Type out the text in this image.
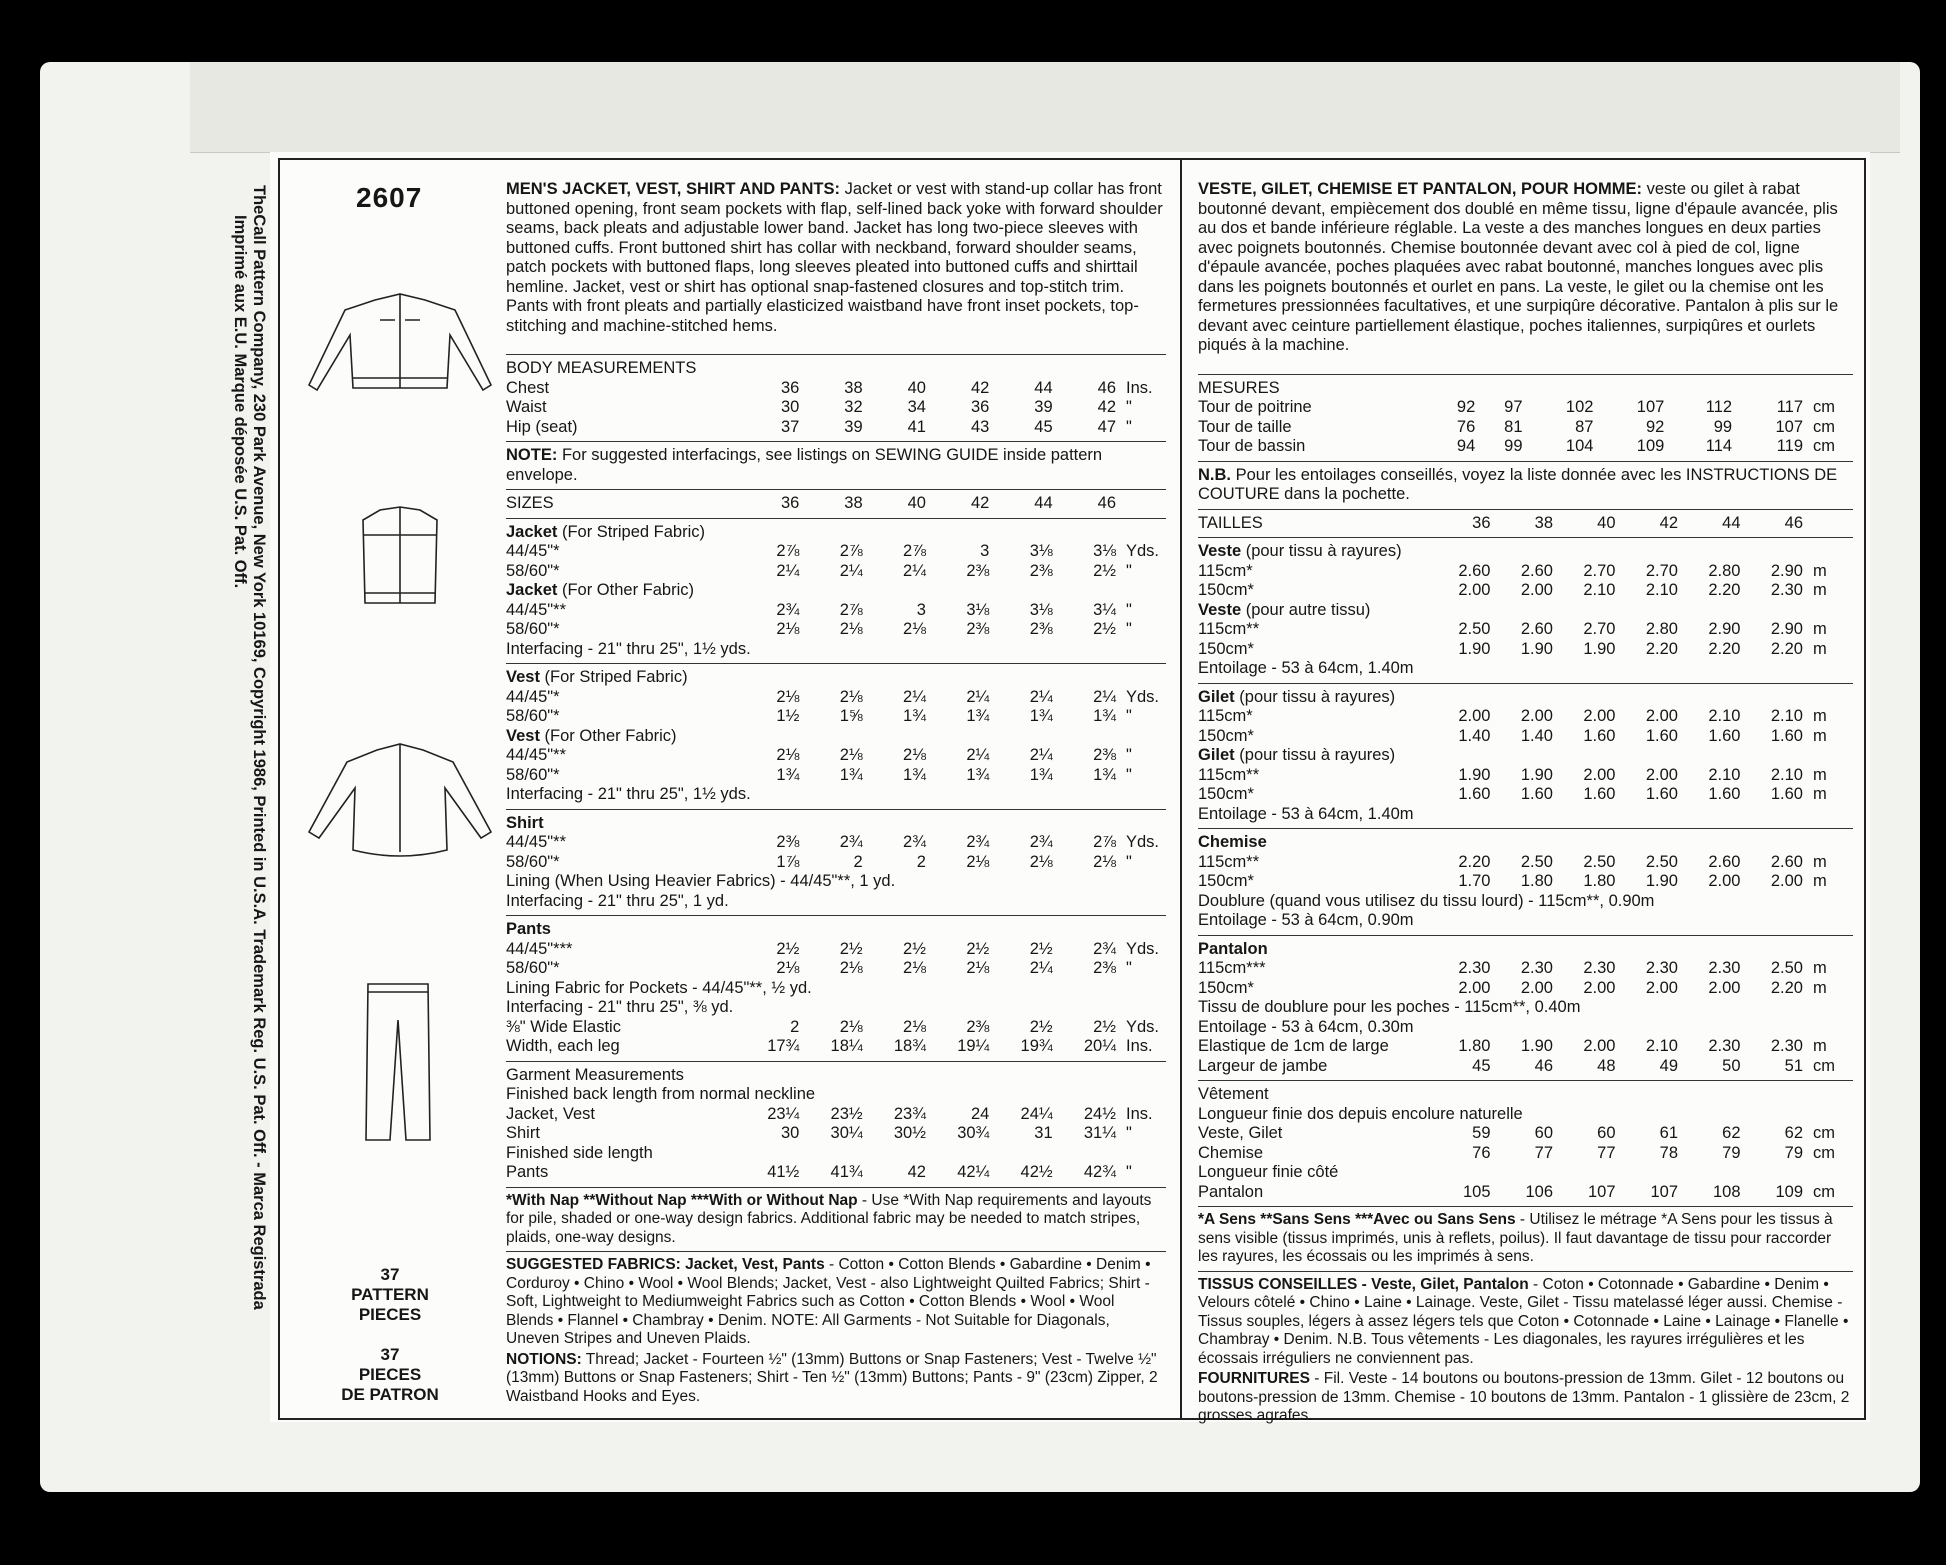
TheCall Pattern Company, 230 Park Avenue, New York 10169, Copyright 1986, Printed in U.S.A. Trademark Reg. U.S. Pat. Off. - Marca Registrada
Imprimé aux E.U. Marque déposée U.S. Pat. Off.
2607
37
PATTERN
PIECES
37
PIECES
DE PATRON

MEN'S JACKET, VEST, SHIRT AND PANTS: Jacket or vest with stand-up collar has front buttoned opening, front seam pockets with flap, self-lined back yoke with forward shoulder seams, back pleats and adjustable lower band. Jacket has long two-piece sleeves with buttoned cuffs. Front buttoned shirt has collar with neckband, forward shoulder seams, patch pockets with buttoned flaps, long sleeves pleated into buttoned cuffs and shirttail hemline. Jacket, vest or shirt has optional snap-fastened closures and top-stitch trim. Pants with front pleats and partially elasticized waistband have front inset pockets, top-stitching and machine-stitched hems.

BODY MEASUREMENTS
Chest	36	38	40	42	44	46	Ins.
Waist	30	32	34	36	39	42	"
Hip (seat)	37	39	41	43	45	47	"
NOTE: For suggested interfacings, see listings on SEWING GUIDE inside pattern envelope.
SIZES	36	38	40	42	44	46	
Jacket (For Striped Fabric)							
44/45"*	2⅞	2⅞	2⅞	3	3⅛	3⅛	Yds.
58/60"*	2¼	2¼	2¼	2⅜	2⅜	2½	"
Jacket (For Other Fabric)							
44/45"**	2¾	2⅞	3	3⅛	3⅛	3¼	"
58/60"*	2⅛	2⅛	2⅛	2⅜	2⅜	2½	"
Interfacing - 21" thru 25", 1½ yds.							
Vest (For Striped Fabric)							
44/45"*	2⅛	2⅛	2¼	2¼	2¼	2¼	Yds.
58/60"*	1½	1⅝	1¾	1¾	1¾	1¾	"
Vest (For Other Fabric)							
44/45"**	2⅛	2⅛	2⅛	2¼	2¼	2⅜	"
58/60"*	1¾	1¾	1¾	1¾	1¾	1¾	"
Interfacing - 21" thru 25", 1½ yds.							
Shirt							
44/45"**	2⅜	2¾	2¾	2¾	2¾	2⅞	Yds.
58/60"*	1⅞	2	2	2⅛	2⅛	2⅛	"
Lining (When Using Heavier Fabrics) - 44/45"**, 1 yd.							
Interfacing - 21" thru 25", 1 yd.							
Pants							
44/45"***	2½	2½	2½	2½	2½	2¾	Yds.
58/60"*	2⅛	2⅛	2⅛	2⅛	2¼	2⅜	"
Lining Fabric for Pockets - 44/45"**, ½ yd.							
Interfacing - 21" thru 25", ⅜ yd.							
⅜" Wide Elastic	2	2⅛	2⅛	2⅜	2½	2½	Yds.
Width, each leg	17¾	18¼	18¾	19¼	19¾	20¼	Ins.
Garment Measurements							
Finished back length from normal neckline							
Jacket, Vest	23¼	23½	23¾	24	24¼	24½	Ins.
Shirt	30	30¼	30½	30¾	31	31¼	"
Finished side length							
Pants	41½	41¾	42	42¼	42½	42¾	"
*With Nap **Without Nap ***With or Without Nap - Use *With Nap requirements and layouts for pile, shaded or one-way design fabrics. Additional fabric may be needed to match stripes, plaids, one-way designs.
SUGGESTED FABRICS: Jacket, Vest, Pants - Cotton • Cotton Blends • Gabardine • Denim • Corduroy • Chino • Wool • Wool Blends; Jacket, Vest - also Lightweight Quilted Fabrics; Shirt - Soft, Lightweight to Mediumweight Fabrics such as Cotton • Cotton Blends • Wool • Wool Blends • Flannel • Chambray • Denim. NOTE: All Garments - Not Suitable for Diagonals, Uneven Stripes and Uneven Plaids.
NOTIONS: Thread; Jacket - Fourteen ½" (13mm) Buttons or Snap Fasteners; Vest - Twelve ½" (13mm) Buttons or Snap Fasteners; Shirt - Ten ½" (13mm) Buttons; Pants - 9" (23cm) Zipper, 2 Waistband Hooks and Eyes.

VESTE, GILET, CHEMISE ET PANTALON, POUR HOMME: veste ou gilet à rabat boutonné devant, empiècement dos doublé en même tissu, ligne d'épaule avancée, plis au dos et bande inférieure réglable. La veste a des manches longues en deux parties avec poignets boutonnés. Chemise boutonnée devant avec col à pied de col, ligne d'épaule avancée, poches plaquées avec rabat boutonné, manches longues avec plis dans les poignets boutonnés et ourlet en pans. La veste, le gilet ou la chemise ont les fermetures pressionnées facultatives, et une surpiqûre décorative. Pantalon à plis sur le devant avec ceinture partiellement élastique, poches italiennes, surpiqûres et ourlets piqués à la machine.

MESURES
Tour de poitrine	92	97	102	107	112	117	cm
Tour de taille	76	81	87	92	99	107	cm
Tour de bassin	94	99	104	109	114	119	cm
N.B. Pour les entoilages conseillés, voyez la liste donnée avec les INSTRUCTIONS DE COUTURE dans la pochette.
TAILLES	36	38	40	42	44	46	
Veste (pour tissu à rayures)							
115cm*	2.60	2.60	2.70	2.70	2.80	2.90	m
150cm*	2.00	2.00	2.10	2.10	2.20	2.30	m
Veste (pour autre tissu)							
115cm**	2.50	2.60	2.70	2.80	2.90	2.90	m
150cm*	1.90	1.90	1.90	2.20	2.20	2.20	m
Entoilage - 53 à 64cm, 1.40m							
Gilet (pour tissu à rayures)							
115cm*	2.00	2.00	2.00	2.00	2.10	2.10	m
150cm*	1.40	1.40	1.60	1.60	1.60	1.60	m
Gilet (pour tissu à rayures)							
115cm**	1.90	1.90	2.00	2.00	2.10	2.10	m
150cm*	1.60	1.60	1.60	1.60	1.60	1.60	m
Entoilage - 53 à 64cm, 1.40m							
Chemise							
115cm**	2.20	2.50	2.50	2.50	2.60	2.60	m
150cm*	1.70	1.80	1.80	1.90	2.00	2.00	m
Doublure (quand vous utilisez du tissu lourd) - 115cm**, 0.90m							
Entoilage - 53 à 64cm, 0.90m							
Pantalon							
115cm***	2.30	2.30	2.30	2.30	2.30	2.50	m
150cm*	2.00	2.00	2.00	2.00	2.00	2.20	m
Tissu de doublure pour les poches - 115cm**, 0.40m							
Entoilage - 53 à 64cm, 0.30m							
Elastique de 1cm de large	1.80	1.90	2.00	2.10	2.30	2.30	m
Largeur de jambe	45	46	48	49	50	51	cm
Vêtement							
Longueur finie dos depuis encolure naturelle							
Veste, Gilet	59	60	60	61	62	62	cm
Chemise	76	77	77	78	79	79	cm
Longueur finie côté							
Pantalon	105	106	107	107	108	109	cm
*A Sens **Sans Sens ***Avec ou Sans Sens - Utilisez le métrage *A Sens pour les tissus à sens visible (tissus imprimés, unis à reflets, poilus). Il faut davantage de tissu pour raccorder les rayures, les écossais ou les imprimés à sens.
TISSUS CONSEILLES - Veste, Gilet, Pantalon - Coton • Cotonnade • Gabardine • Denim • Velours côtelé • Chino • Laine • Lainage. Veste, Gilet - Tissu matelassé léger aussi. Chemise - Tissus souples, légers à assez légers tels que Coton • Cotonnade • Laine • Lainage • Flanelle • Chambray • Denim. N.B. Tous vêtements - Les diagonales, les rayures irrégulières et les écossais irréguliers ne conviennent pas.
FOURNITURES - Fil. Veste - 14 boutons ou boutons-pression de 13mm. Gilet - 12 boutons ou boutons-pression de 13mm. Chemise - 10 boutons de 13mm. Pantalon - 1 glissière de 23cm, 2 grosses agrafes.
